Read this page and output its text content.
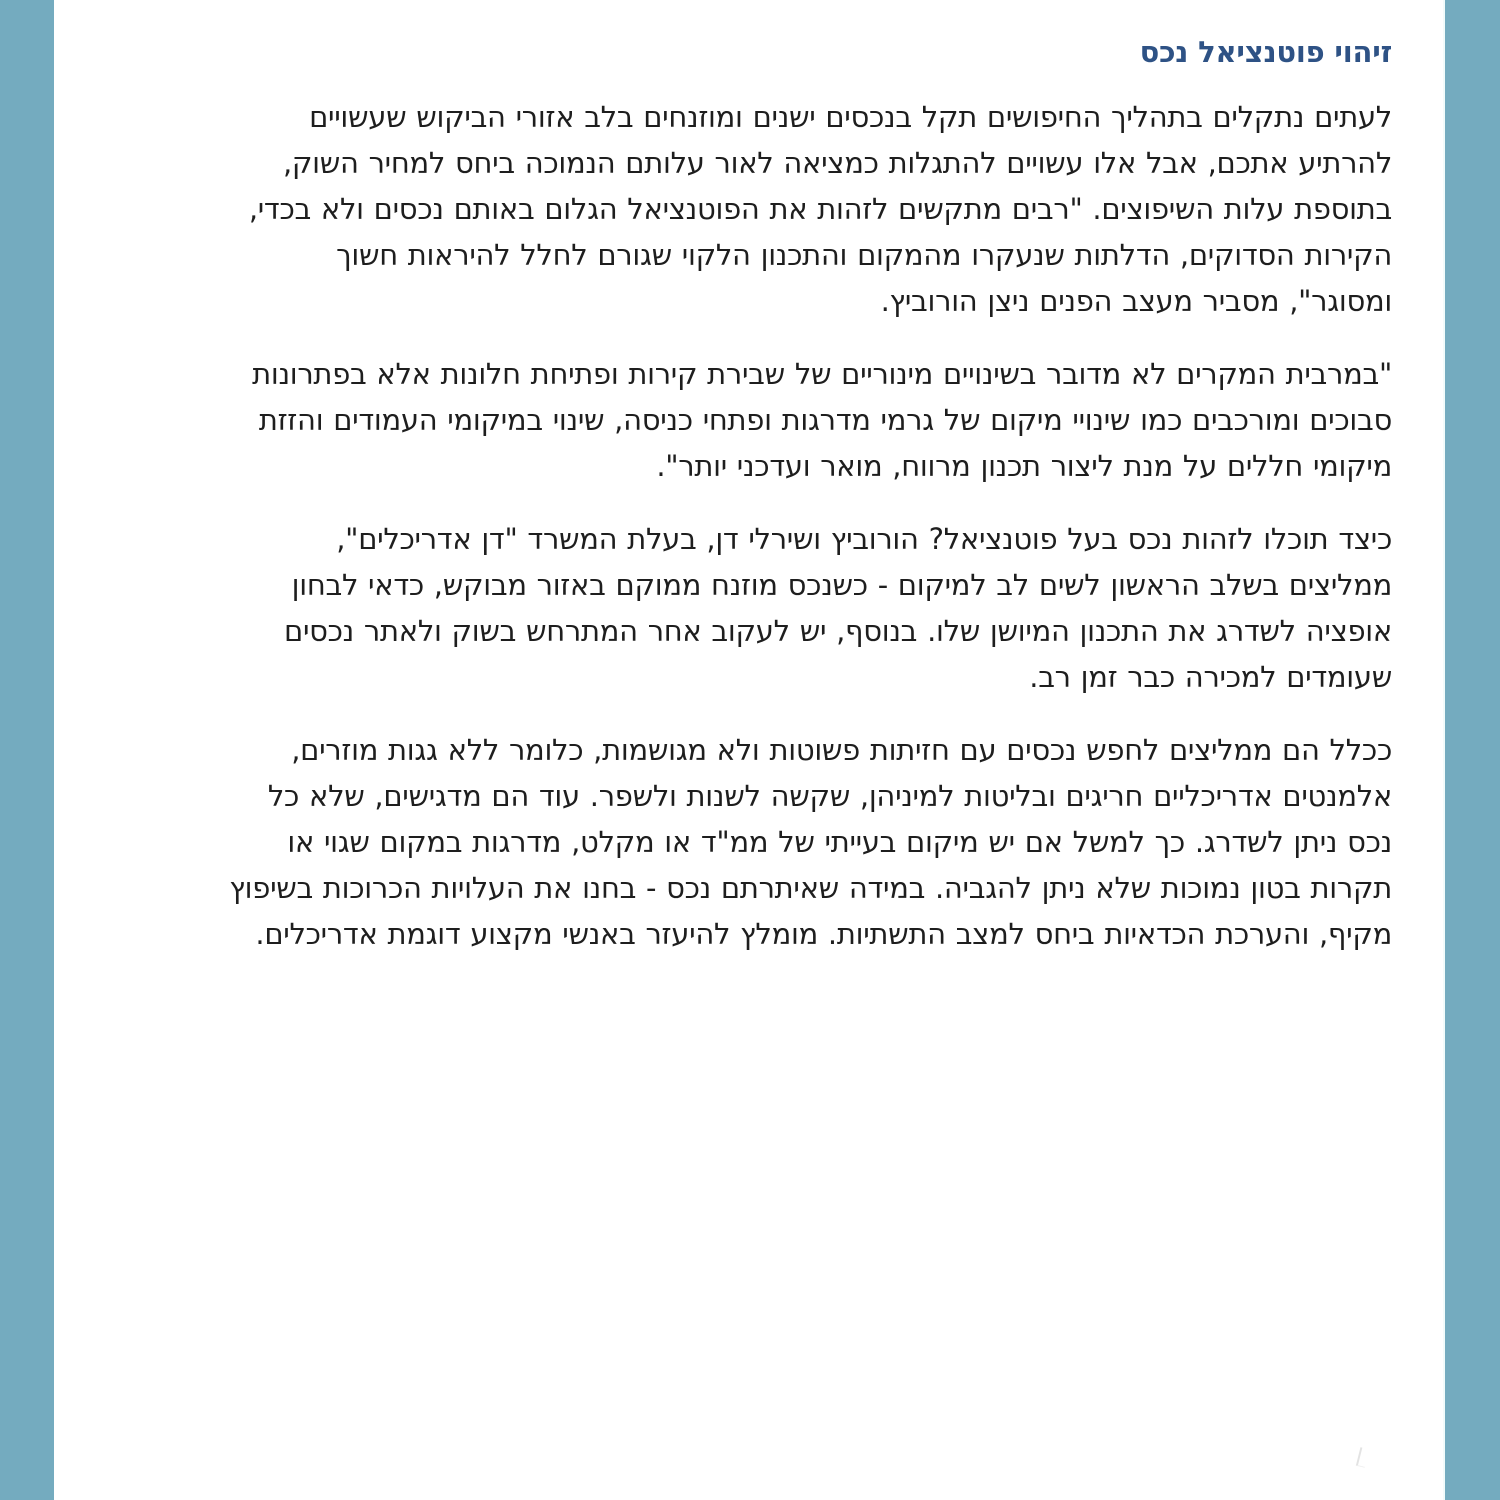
זיהוי פוטנציאל נכס

לעתים נתקלים בתהליך החיפושים תקל בנכסים ישנים ומוזנחים בלב אזורי הביקוש שעשויים להרתיע אתכם, אבל אלו עשויים להתגלות כמציאה לאור עלותם הנמוכה ביחס למחיר השוק, בתוספת עלות השיפוצים. "רבים מתקשים לזהות את הפוטנציאל הגלום באותם נכסים ולא בכדי, הקירות הסדוקים, הדלתות שנעקרו מהמקום והתכנון הלקוי שגורם לחלל להיראות חשוך ומסוגר", מסביר מעצב הפנים ניצן הורוביץ.

"במרבית המקרים לא מדובר בשינויים מינוריים של שבירת קירות ופתיחת חלונות אלא בפתרונות סבוכים ומורכבים כמו שינויי מיקום של גרמי מדרגות ופתחי כניסה, שינוי במיקומי העמודים והזזת מיקומי חללים על מנת ליצור תכנון מרווח, מואר ועדכני יותר".

כיצד תוכלו לזהות נכס בעל פוטנציאל? הורוביץ ושירלי דן, בעלת המשרד "דן אדריכלים", ממליצים בשלב הראשון לשים לב למיקום - כשנכס מוזנח ממוקם באזור מבוקש, כדאי לבחון אופציה לשדרג את התכנון המיושן שלו. בנוסף, יש לעקוב אחר המתרחש בשוק ולאתר נכסים שעומדים למכירה כבר זמן רב.

ככלל הם ממליצים לחפש נכסים עם חזיתות פשוטות ולא מגושמות, כלומר ללא גגות מוזרים, אלמנטים אדריכליים חריגים ובליטות למיניהן, שקשה לשנות ולשפר. עוד הם מדגישים, שלא כל נכס ניתן לשדרג. כך למשל אם יש מיקום בעייתי של ממ"ד או מקלט, מדרגות במקום שגוי או תקרות בטון נמוכות שלא ניתן להגביה. במידה שאיתרתם נכס - בחנו את העלויות הכרוכות בשיפוץ מקיף, והערכת הכדאיות ביחס למצב התשתיות. מומלץ להיעזר באנשי מקצוע דוגמת אדריכלים.
